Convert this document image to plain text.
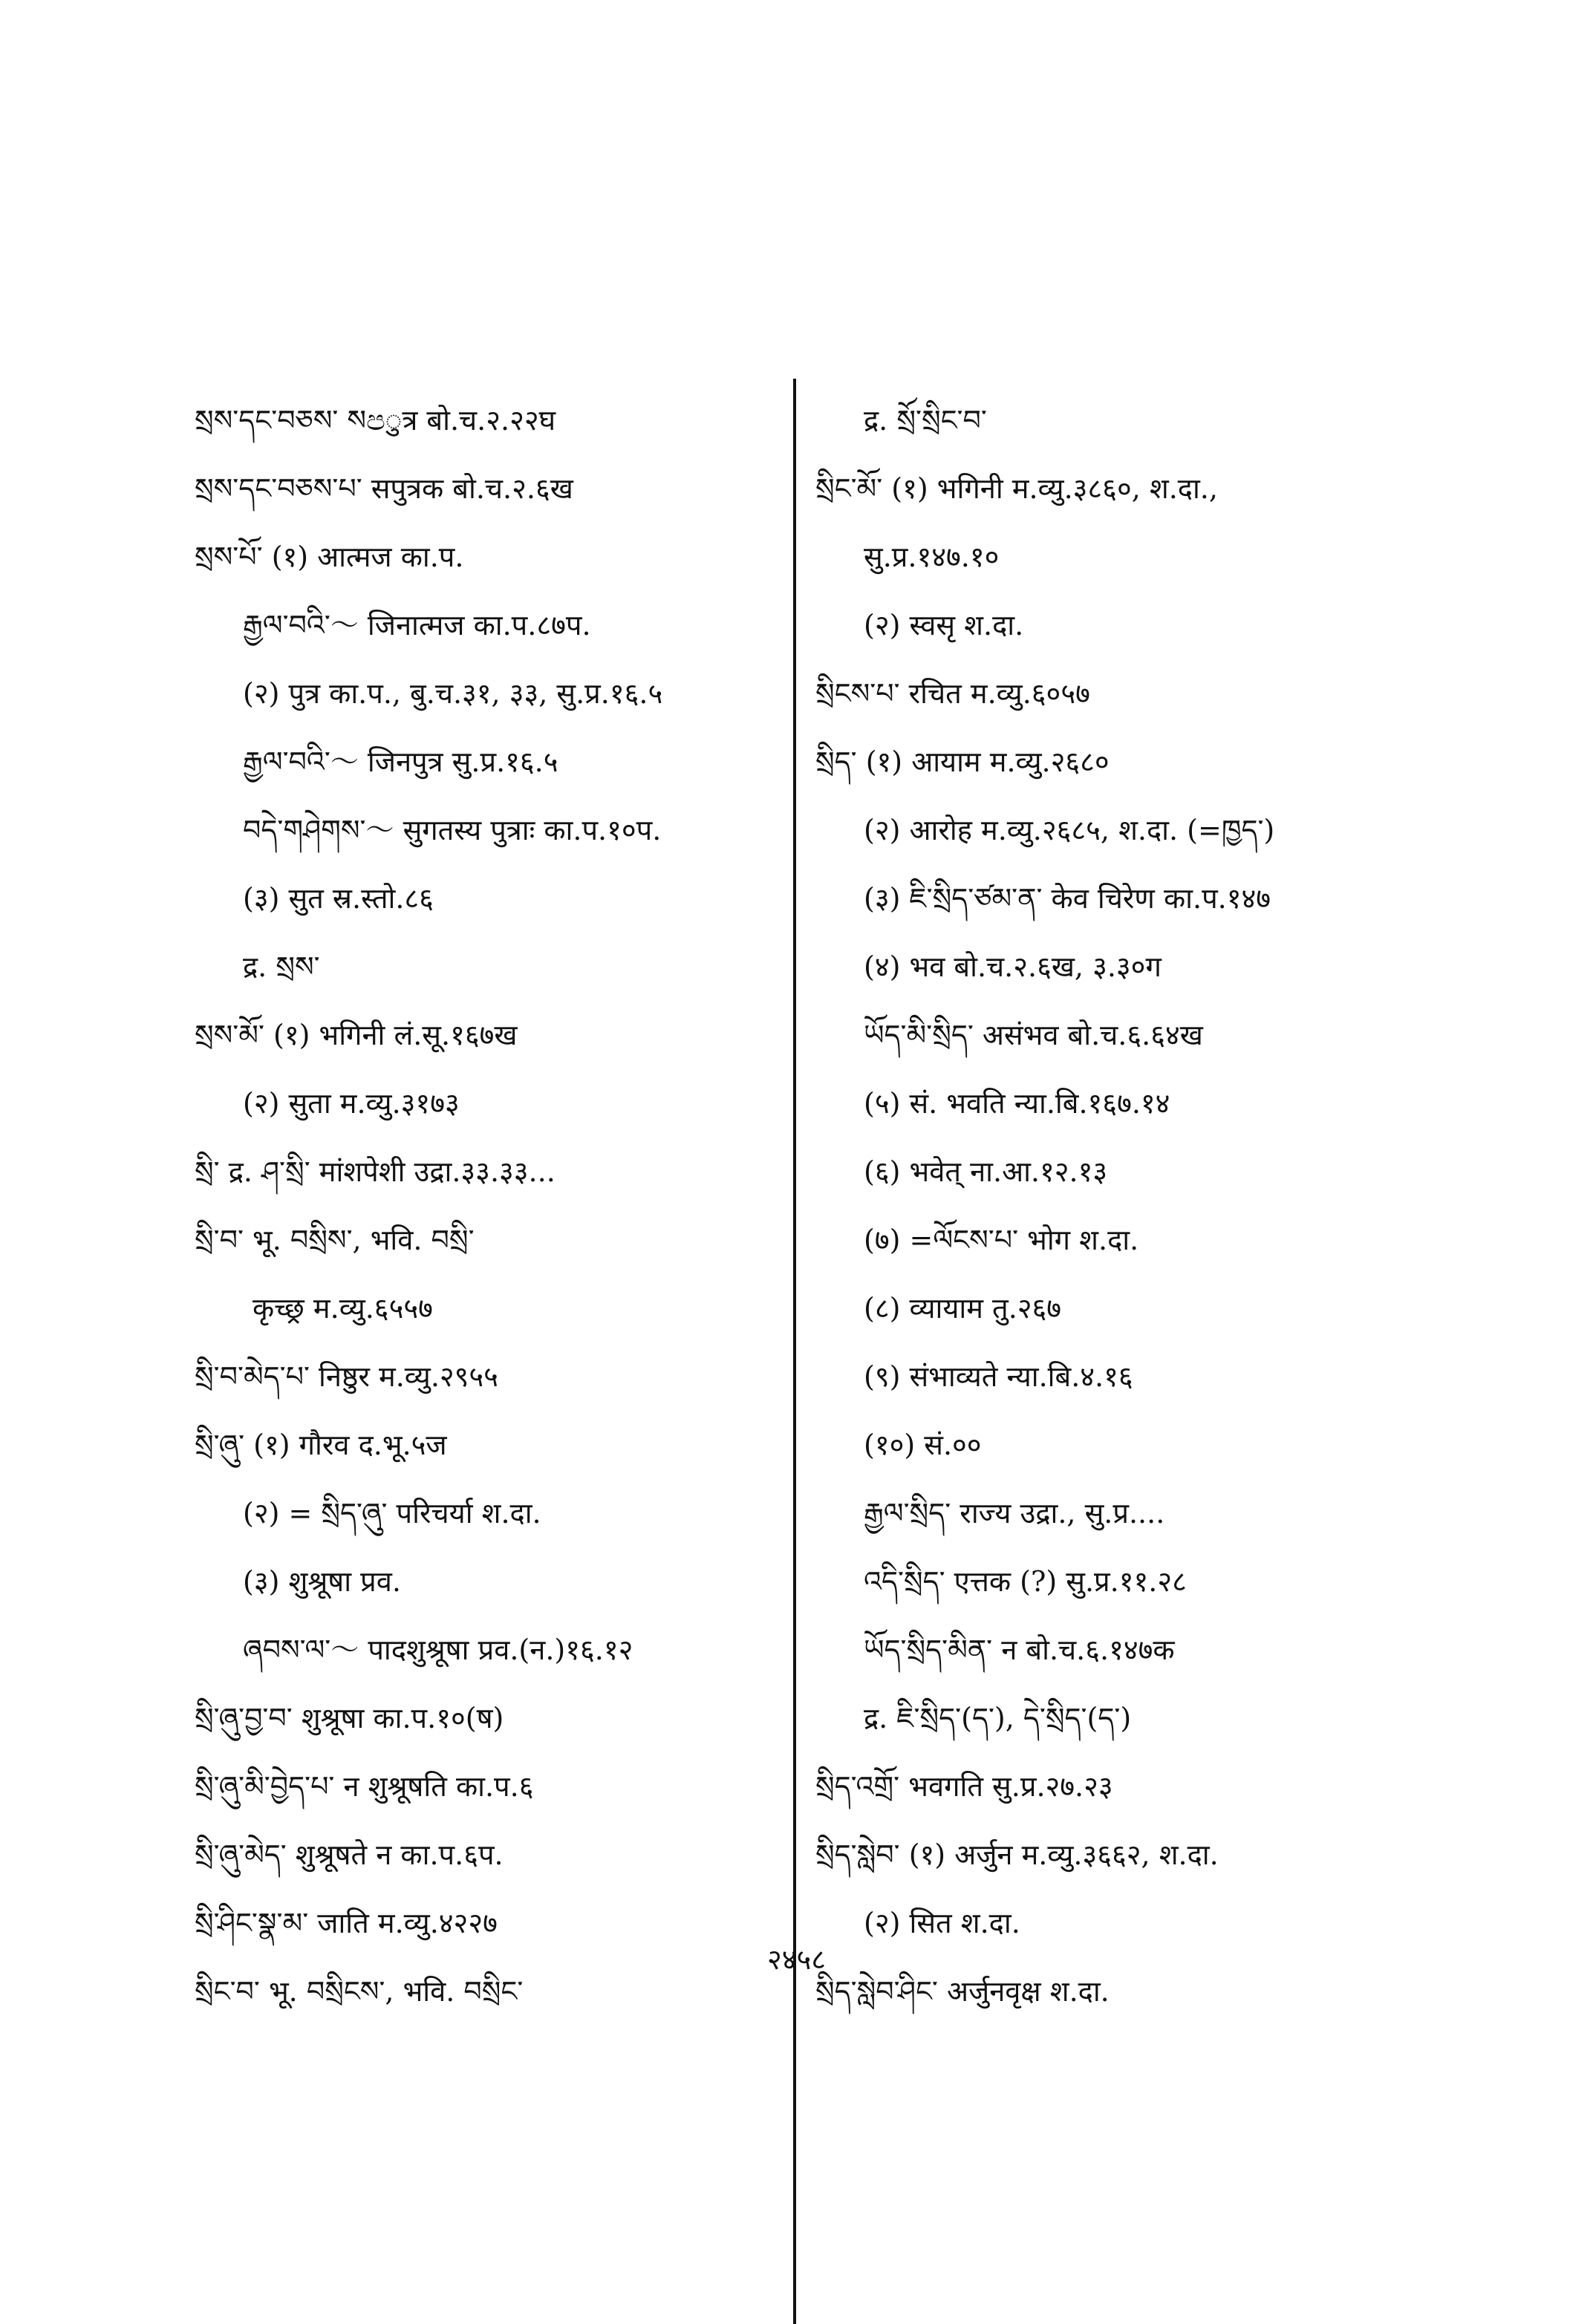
སྲས་དང་བཅས་ སපुत्र बो.च.२.२२घ
སྲས་དང་བཅས་པ་ सपुत्रक बो.च.२.६ख
སྲས་པོ་ (१) आत्मज का.प.
རྒྱལ་བའི་～ जिनात्मज का.प.८७प.
(२) पुत्र का.प., बु.च.३१, ३३, सु.प्र.१६.५
རྒྱལ་བའི་～ जिनपुत्र सु.प्र.१६.५
བདེ་གཤེགས་～ सुगतस्य पुत्राः का.प.१०प.
(३) सुत स्र.स्तो.८६
द्र. སྲས་
སྲས་མོ་ (१) भगिनी लं.सू.१६७ख
(२) सुता म.व्यु.३१७३
སྲི་ द्र. ཤ་སྲི་ मांशपेशी उद्रा.३३.३३...
སྲི་བ་ भू. བསྲིས་, भवि. བསྲི་
कृच्छ्र म.व्यु.६५५७
སྲི་བ་མེད་པ་ निष्ठुर म.व्यु.२९५५
སྲི་ཞུ་ (१) गौरव द.भू.५ज
(२) = སྲིད་ཞུ་ परिचर्या श.दा.
(३) शुश्रूषा प्रव.
ཞབས་ལ་～ पादशुश्रूषा प्रव.(न.)१६.१२
སྲི་ཞུ་བྱ་བ་ शुश्रूषा का.प.१०(ष)
སྲི་ཞུ་མི་བྱེད་པ་ न शुश्रूषति का.प.६
སྲི་ཞུ་མེད་ शुश्रूषते न का.प.६प.
སྲི་ཤིང་སྣ་མ་ जाति म.व्यु.४२२७
སྲིང་བ་ भू. བསྲིངས་, भवि. བསྲིང་
द्र. སྲོ་སྲིང་བ་
སྲིང་མོ་ (१) भगिनी म.व्यु.३८६०, श.दा.,
सु.प्र.१४७.१०
(२) स्वसृ श.दा.
སྲིངས་པ་ रचित म.व्यु.६०५७
སྲིད་ (१) आयाम म.व्यु.२६८०
(२) आरोह म.व्यु.२६८५, श.दा. (=ཁྱད་)
(३) ཇི་སྲིད་ཙམ་ན་ केव चिरेण का.प.१४७
(४) भव बो.च.२.६ख, ३.३०ग
ཡོད་མི་སྲིད་ असंभव बो.च.६.६४ख
(५) सं. भवति न्या.बि.१६७.१४
(६) भवेत् ना.आ.१२.१३
(७) =ལོངས་པ་ भोग श.दा.
(८) व्यायाम तु.२६७
(९) संभाव्यते न्या.बि.४.१६
(१०) सं.००
རྒྱལ་སྲིད་ राज्य उद्रा., सु.प्र....
འདི་སྲིད་ एत्तक (?) सु.प्र.११.२८
ཡོད་སྲིད་མིན་ न बो.च.६.१४७क
द्र. ཇི་སྲིད་(ད་), དེ་སྲིད་(ད་)
སྲིད་འགྲོ་ भवगति सु.प्र.२७.२३
སྲིད་སླེབ་ (१) अर्जुन म.व्यु.३६६२, श.दा.
(२) सित श.दा.
སྲིད་སླེབ་ཤིང་ अर्जुनवृक्ष श.दा.
२४५८
